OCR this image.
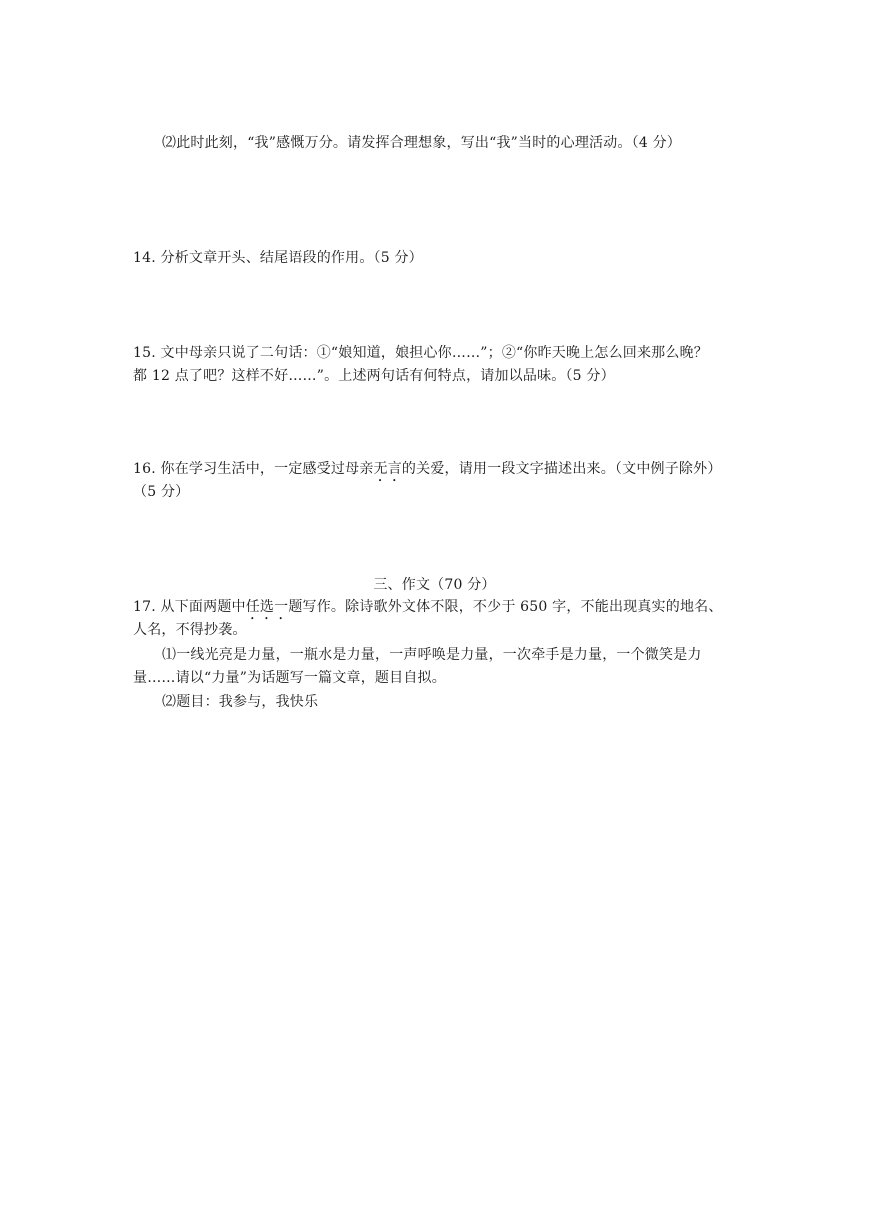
⑵此时此刻，“我”感慨万分。请发挥合理想象，写出“我”当时的心理活动。（4 分）
14. 分析文章开头、结尾语段的作用。（5 分）
15. 文中母亲只说了二句话：①“娘知道，娘担心你……”；②“你昨天晚上怎么回来那么晚？
都 12 点了吧？这样不好……”。上述两句话有何特点，请加以品味。（5 分）
16. 你在学习生活中，一定感受过母亲无言的关爱，请用一段文字描述出来。（文中例子除外）
（5 分）
三、作文（70 分）
17. 从下面两题中任选一题写作。除诗歌外文体不限，不少于 650 字，不能出现真实的地名、
人名，不得抄袭。
⑴一线光亮是力量，一瓶水是力量，一声呼唤是力量，一次牵手是力量，一个微笑是力
量……请以“力量”为话题写一篇文章，题目自拟。
⑵题目：我参与，我快乐
